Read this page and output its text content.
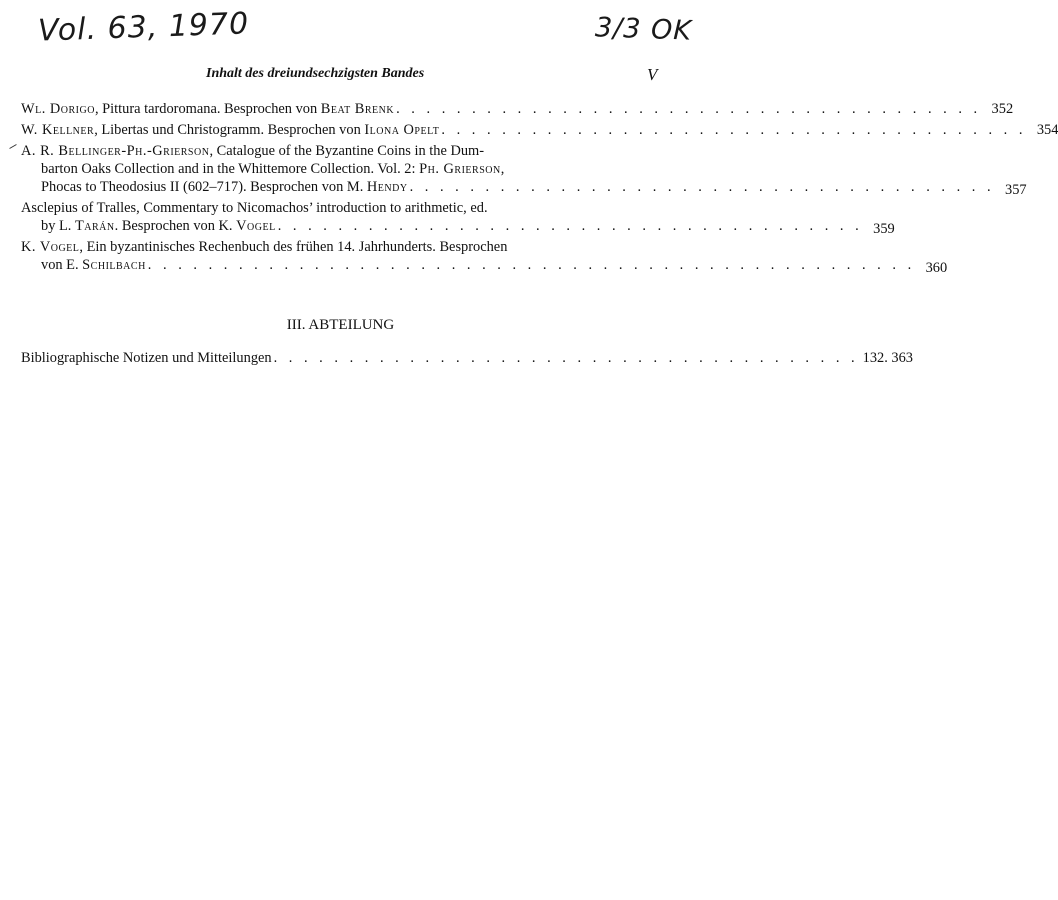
Vol. 63, 1970	3/3 OK
Inhalt des dreiundsechzigsten Bandes	V
Wl. Dorigo, Pittura tardoromana. Besprochen von Beat Brenk . . . . . . . . . . . . . . . . . . . . . . . . . . . . . . . . . . . . . . . 352
W. Kellner, Libertas und Christogramm. Besprochen von Ilona Opelt . . . . . . . . . . . . . . . . . . . . . . . . . . . . . . . . . . . . . . . 354
A. R. Bellinger-Ph.-Grierson, Catalogue of the Byzantine Coins in the Dum-
barton Oaks Collection and in the Whittemore Collection. Vol. 2: Ph. Grierson,
Phocas to Theodosius II (602–717). Besprochen von M. Hendy . . . . . . . . . . . . . . . . . . . . . . . . . . . . . . . . . . . . . . . 357
Asclepius of Tralles, Commentary to Nicomachos’ introduction to arithmetic, ed.
by L. Tarán. Besprochen von K. Vogel . . . . . . . . . . . . . . . . . . . . . . . . . . . . . . . . . . . . . . . 359
K. Vogel, Ein byzantinisches Rechenbuch des frühen 14. Jahrhunderts. Besprochen
von E. Schilbach . . . . . . . . . . . . . . . . . . . . . . . . . . . . . . . . . . . . . . . . . . . . . . . . . . . 360
III. ABTEILUNG
Bibliographische Notizen und Mitteilungen . . . . . . . . . . . . . . . . . . . . . . . . . . . . . . . . . . . . . . . 132. 363
